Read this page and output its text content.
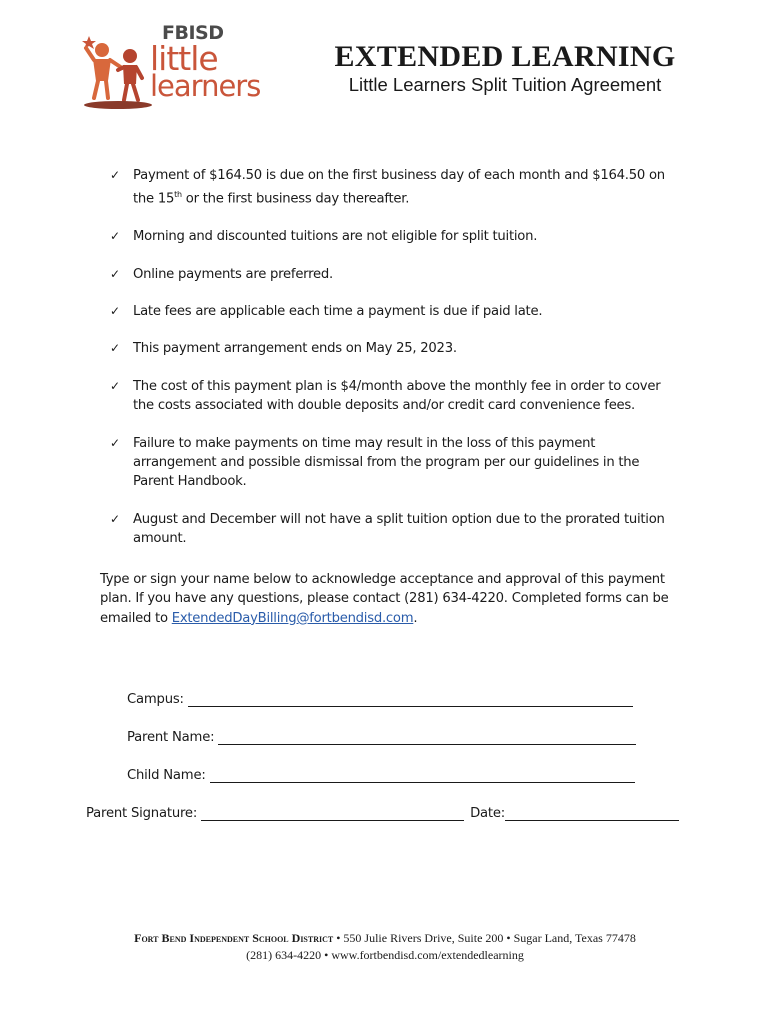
FBISD
little
learners
EXTENDED LEARNING
Little Learners Split Tuition Agreement
✓ Payment of $164.50 is due on the first business day of each month and $164.50 on the 15th or the first business day thereafter.
✓ Morning and discounted tuitions are not eligible for split tuition.
✓ Online payments are preferred.
✓ Late fees are applicable each time a payment is due if paid late.
✓ This payment arrangement ends on May 25, 2023.
✓ The cost of this payment plan is $4/month above the monthly fee in order to cover the costs associated with double deposits and/or credit card convenience fees.
✓ Failure to make payments on time may result in the loss of this payment arrangement and possible dismissal from the program per our guidelines in the Parent Handbook.
✓ August and December will not have a split tuition option due to the prorated tuition amount.
Type or sign your name below to acknowledge acceptance and approval of this payment plan. If you have any questions, please contact (281) 634-4220. Completed forms can be emailed to ExtendedDayBilling@fortbendisd.com.
Campus:
Parent Name:
Child Name:
Parent Signature:	Date:
Fort Bend Independent School District • 550 Julie Rivers Drive, Suite 200 • Sugar Land, Texas 77478
(281) 634-4220 • www.fortbendisd.com/extendedlearning
